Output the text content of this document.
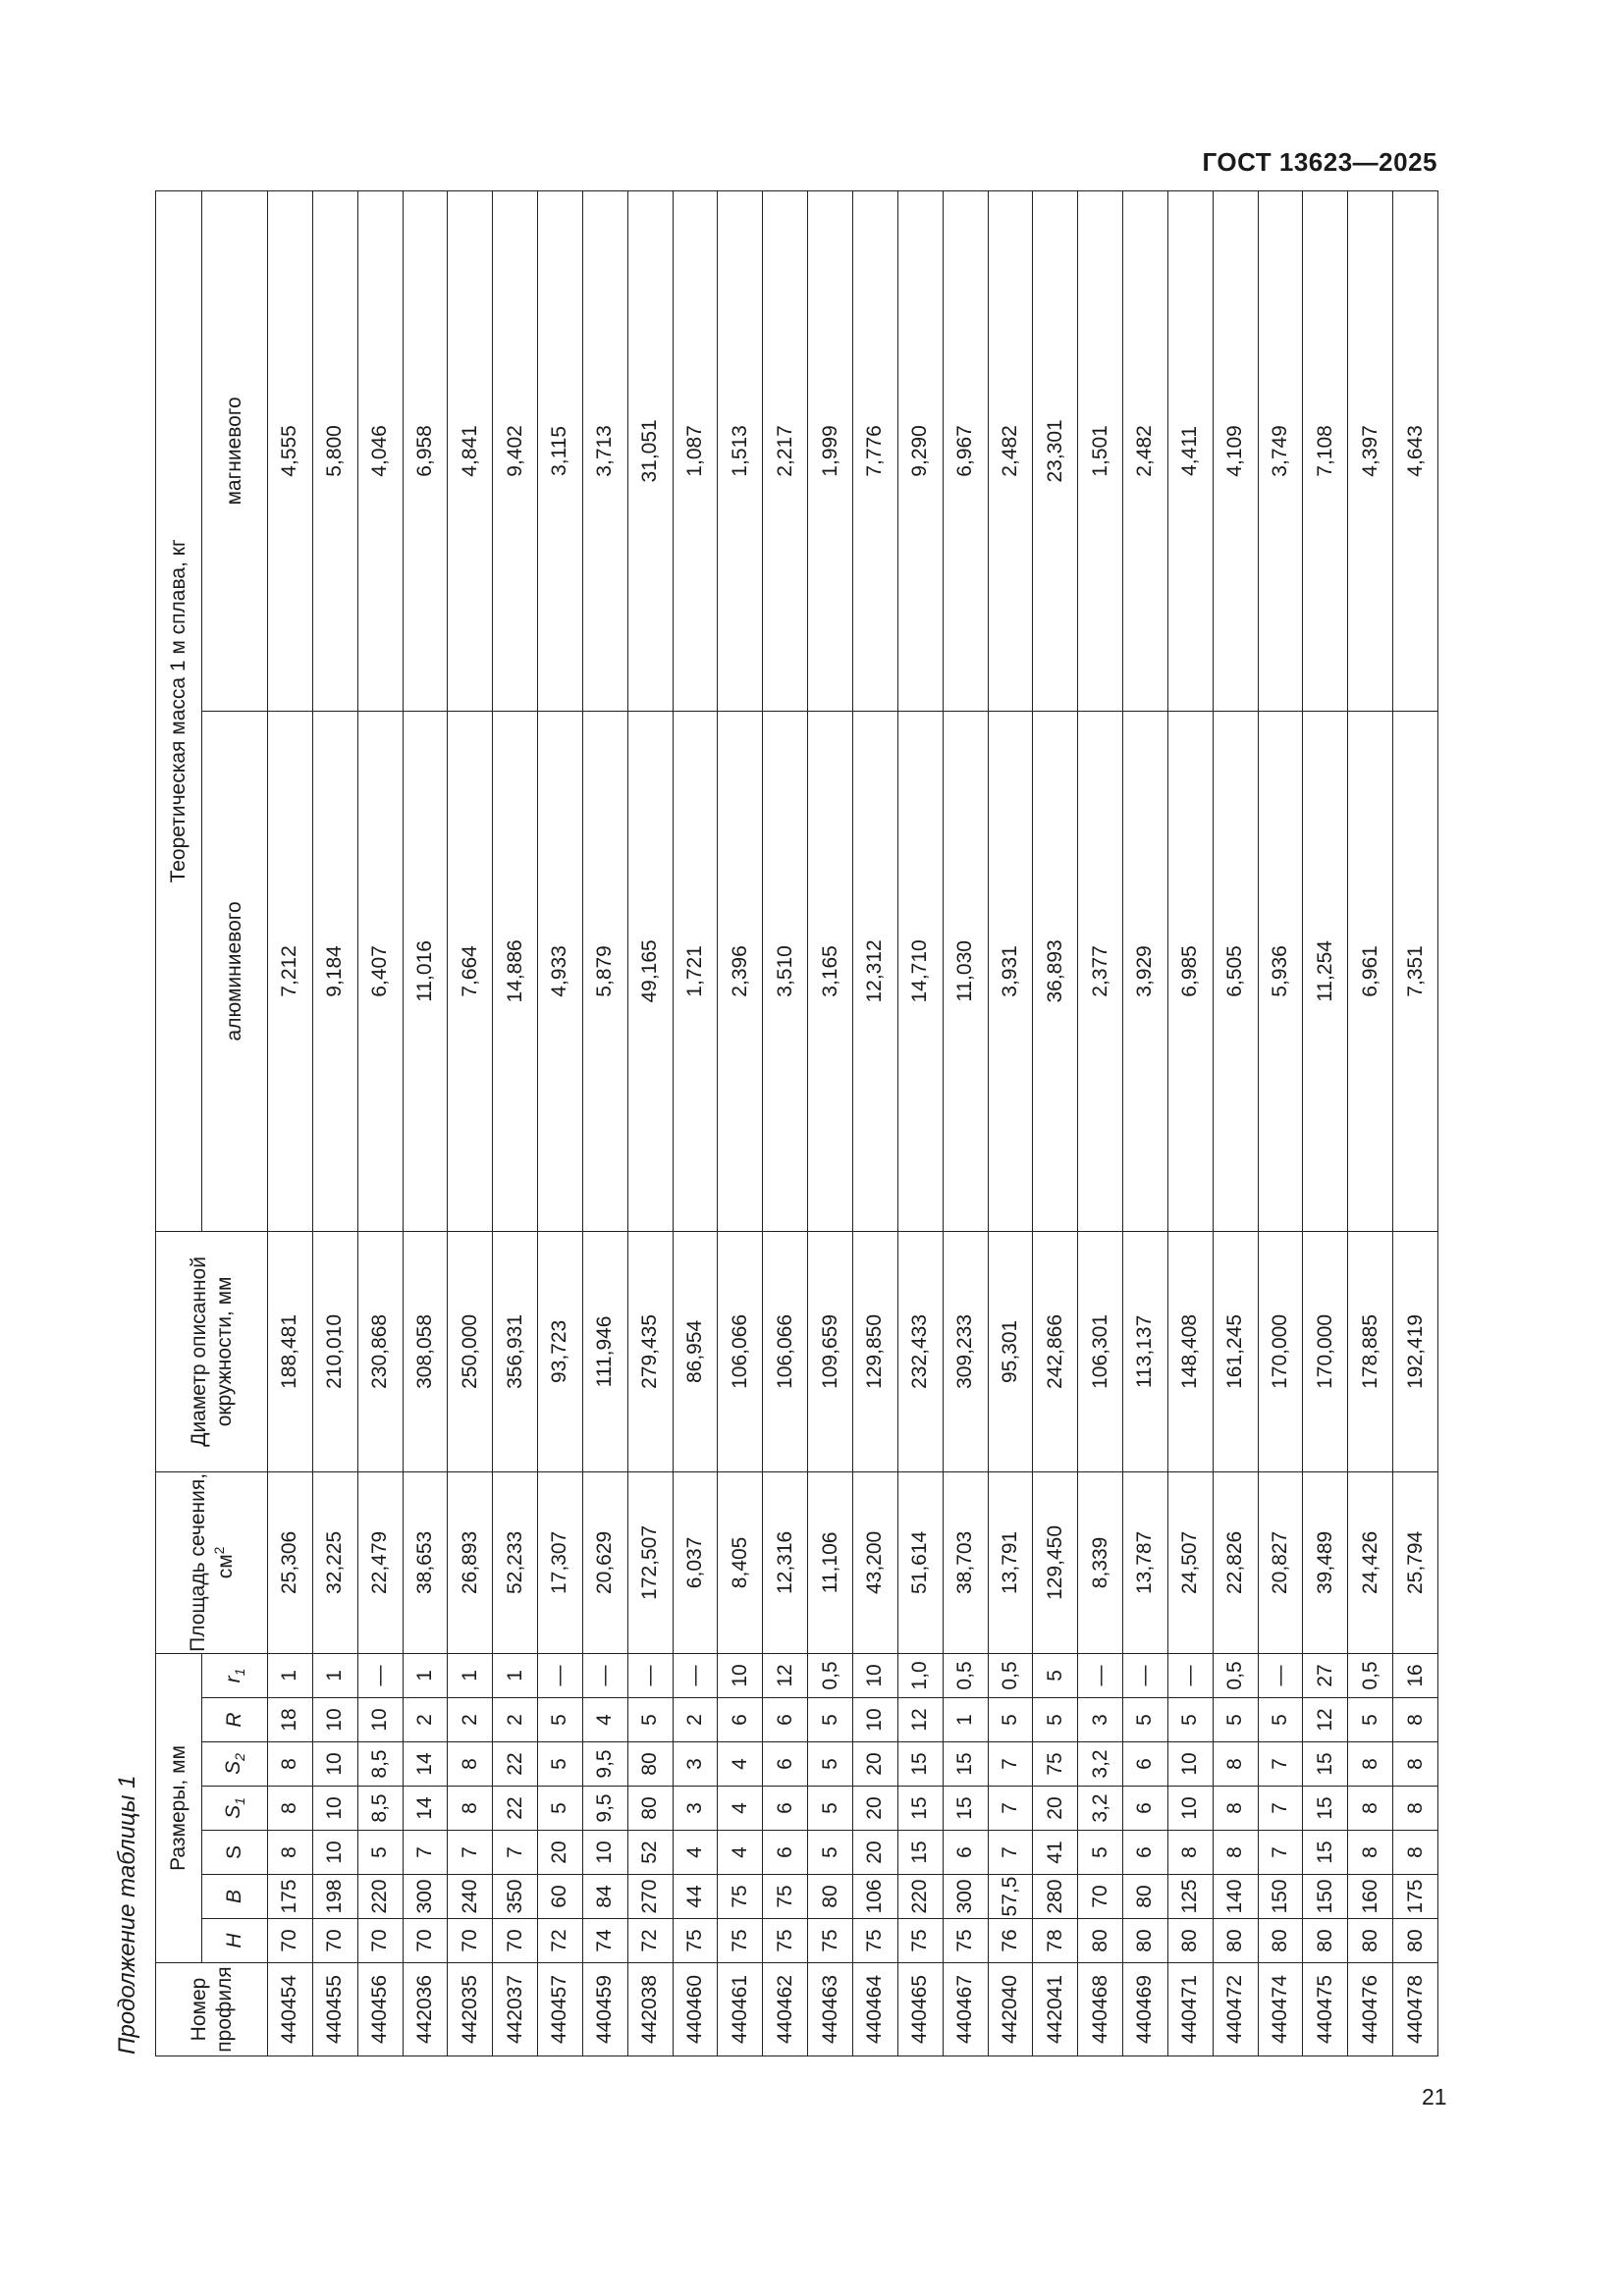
ГОСТ 13623—2025
Продолжение таблицы 1	Номер профиля	Размеры, мм							Площадь сечения, $см^2$	Диаметр описанной окружности, мм	Теоретическая масса 1 м сплава, кг	
	H	B	S	$S_1$	$S_2$	R	$r_1$			алюминиевого	магниевого
440454	70	175	8	8	8	18	1	25,306	188,481	7,212	4,555
440455	70	198	10	10	10	10	1	32,225	210,010	9,184	5,800
440456	70	220	5	8,5	8,5	10	—	22,479	230,868	6,407	4,046
442036	70	300	7	14	14	2	1	38,653	308,058	11,016	6,958
442035	70	240	7	8	8	2	1	26,893	250,000	7,664	4,841
442037	70	350	7	22	22	2	1	52,233	356,931	14,886	9,402
440457	72	60	20	5	5	5	—	17,307	93,723	4,933	3,115
440459	74	84	10	9,5	9,5	4	—	20,629	111,946	5,879	3,713
442038	72	270	52	80	80	5	—	172,507	279,435	49,165	31,051
440460	75	44	4	3	3	2	—	6,037	86,954	1,721	1,087
440461	75	75	4	4	4	6	10	8,405	106,066	2,396	1,513
440462	75	75	6	6	6	6	12	12,316	106,066	3,510	2,217
440463	75	80	5	5	5	5	0,5	11,106	109,659	3,165	1,999
440464	75	106	20	20	20	10	10	43,200	129,850	12,312	7,776
440465	75	220	15	15	15	12	1,0	51,614	232,433	14,710	9,290
440467	75	300	6	15	15	1	0,5	38,703	309,233	11,030	6,967
442040	76	57,5	7	7	7	5	0,5	13,791	95,301	3,931	2,482
442041	78	280	41	20	75	5	5	129,450	242,866	36,893	23,301
440468	80	70	5	3,2	3,2	3	—	8,339	106,301	2,377	1,501
440469	80	80	6	6	6	5	—	13,787	113,137	3,929	2,482
440471	80	125	8	10	10	5	—	24,507	148,408	6,985	4,411
440472	80	140	8	8	8	5	0,5	22,826	161,245	6,505	4,109
440474	80	150	7	7	7	5	—	20,827	170,000	5,936	3,749
440475	80	150	15	15	15	12	27	39,489	170,000	11,254	7,108
440476	80	160	8	8	8	5	0,5	24,426	178,885	6,961	4,397
440478	80	175	8	8	8	8	16	25,794	192,419	7,351	4,643
21
